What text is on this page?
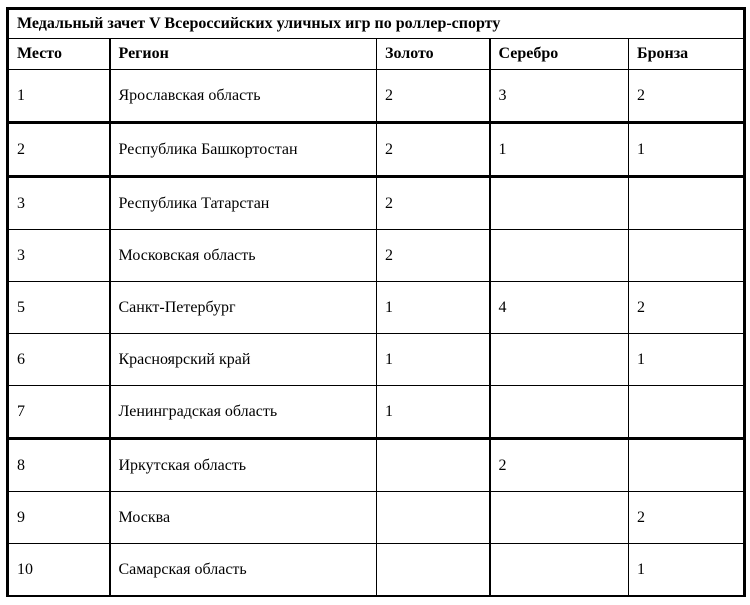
Медальный зачет V Всероссийских уличных игр по роллер-спорту				
Место	Регион	Золото	Серебро	Бронза
1	Ярославская область	2	3	2
2	Республика Башкортостан	2	1	1
3	Республика Татарстан	2		
3	Московская область	2		
5	Санкт-Петербург	1	4	2
6	Красноярский край	1		1
7	Ленинградская область	1		
8	Иркутская область		2	
9	Москва			2
10	Самарская область			1
